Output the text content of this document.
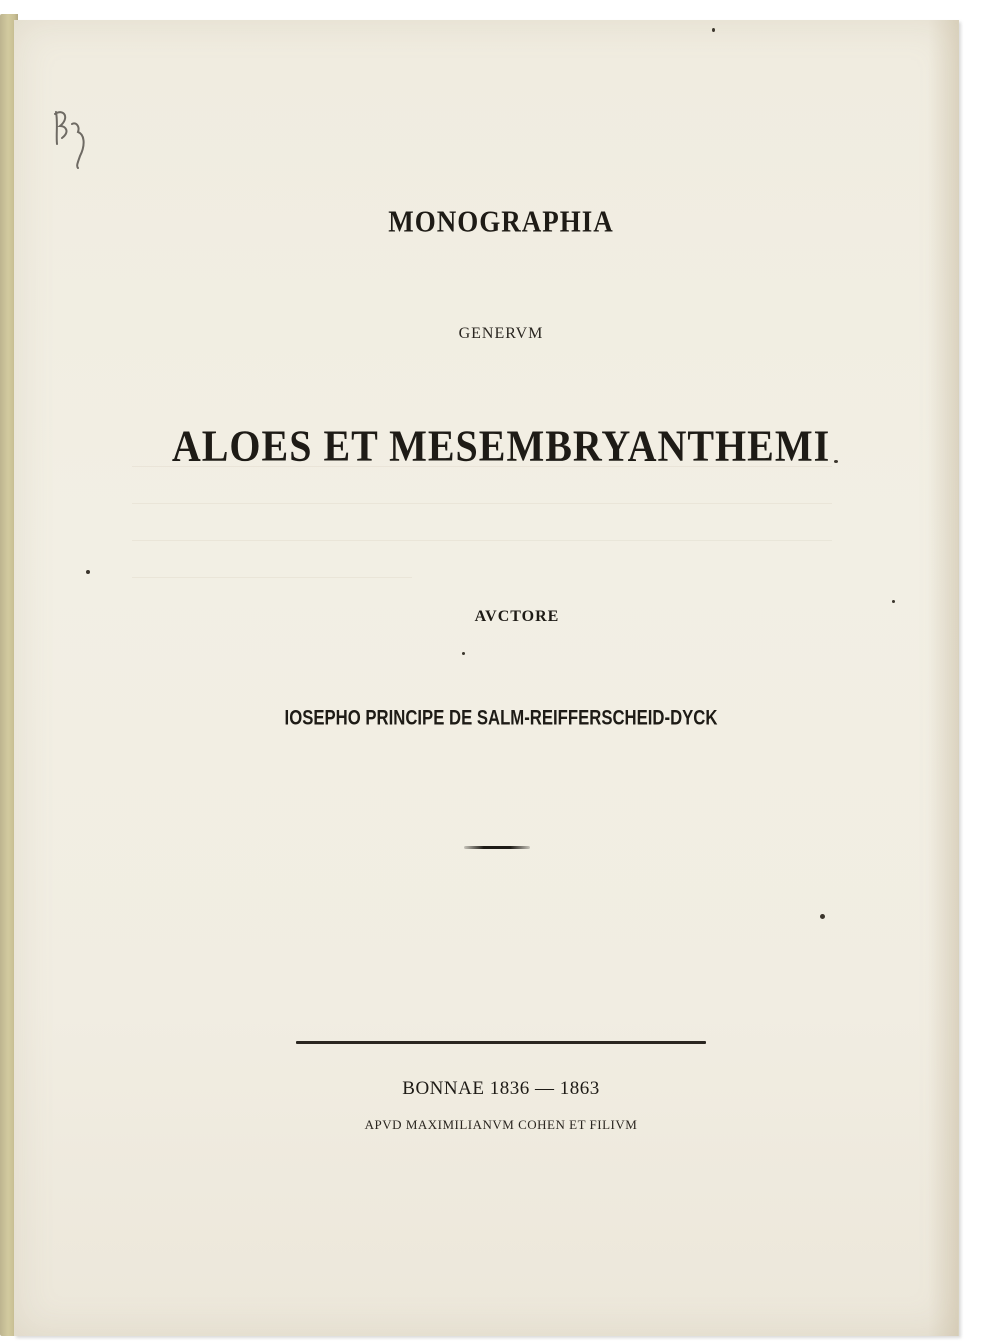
MONOGRAPHIA

GENERVM

ALOES ET MESEMBRYANTHEMI

AVCTORE

IOSEPHO PRINCIPE DE SALM-REIFFERSCHEID-DYCK

BONNAE 1836 — 1863

APVD MAXIMILIANVM COHEN ET FILIVM
